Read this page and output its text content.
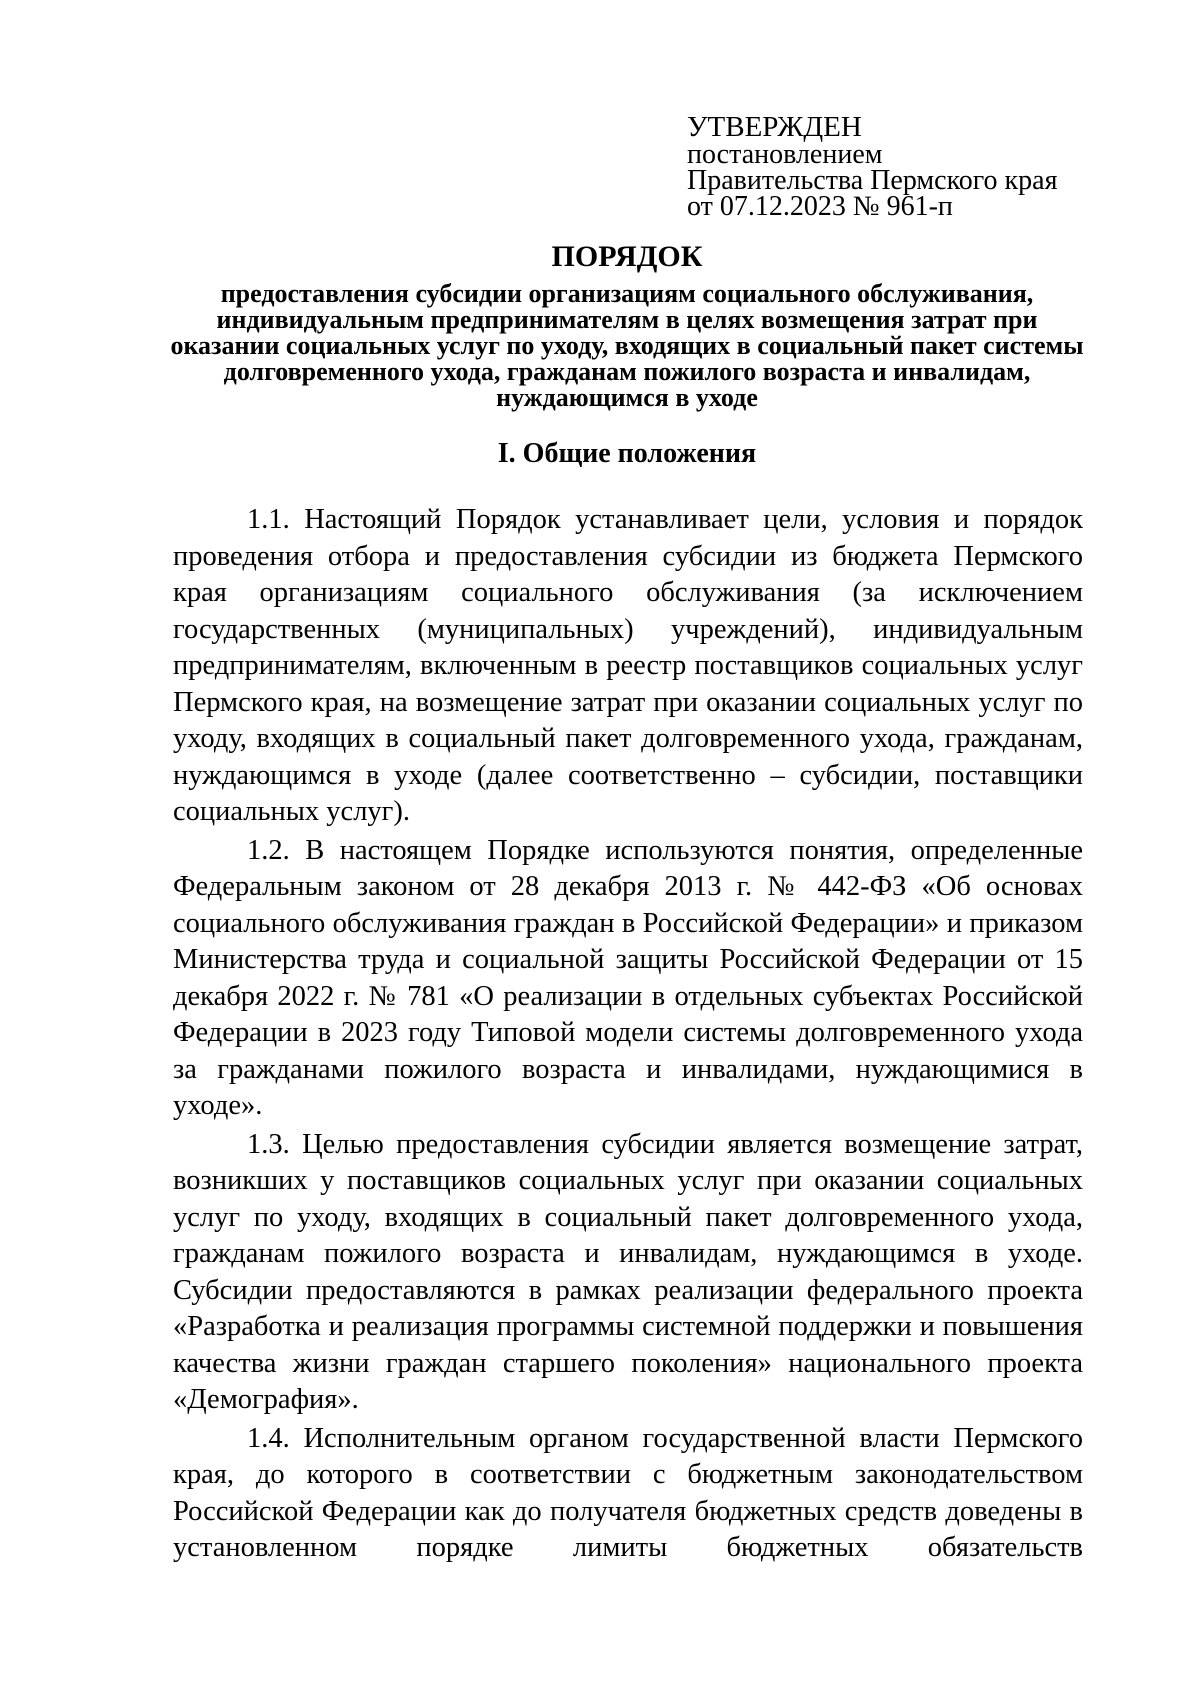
УТВЕРЖДЕН
постановлением
Правительства Пермского края
от 07.12.2023 № 961-п
ПОРЯДОК
предоставления субсидии организациям социального обслуживания, индивидуальным предпринимателям в целях возмещения затрат при оказании социальных услуг по уходу, входящих в социальный пакет системы долговременного ухода, гражданам пожилого возраста и инвалидам, нуждающимся в уходе
I. Общие положения

1.1. Настоящий Порядок устанавливает цели, условия и порядок проведения отбора и предоставления субсидии из бюджета Пермского края организациям социального обслуживания (за исключением государственных (муниципальных) учреждений), индивидуальным предпринимателям, включенным в реестр поставщиков социальных услуг Пермского края, на возмещение затрат при оказании социальных услуг по уходу, входящих в социальный пакет долговременного ухода, гражданам, нуждающимся в уходе (далее соответственно – субсидии, поставщики социальных услуг).

1.2. В настоящем Порядке используются понятия, определенные Федеральным законом от 28 декабря 2013 г. № 442-ФЗ «Об основах социального обслуживания граждан в Российской Федерации» и приказом Министерства труда и социальной защиты Российской Федерации от 15 декабря 2022 г. № 781 «О реализации в отдельных субъектах Российской Федерации в 2023 году Типовой модели системы долговременного ухода за гражданами пожилого возраста и инвалидами, нуждающимися в уходе».

1.3. Целью предоставления субсидии является возмещение затрат, возникших у поставщиков социальных услуг при оказании социальных услуг по уходу, входящих в социальный пакет долговременного ухода, гражданам пожилого возраста и инвалидам, нуждающимся в уходе. Субсидии предоставляются в рамках реализации федерального проекта «Разработка и реализация программы системной поддержки и повышения качества жизни граждан старшего поколения» национального проекта «Демография».

1.4. Исполнительным органом государственной власти Пермского края, до которого в соответствии с бюджетным законодательством Российской Федерации как до получателя бюджетных средств доведены в установленном порядке лимиты бюджетных обязательств
